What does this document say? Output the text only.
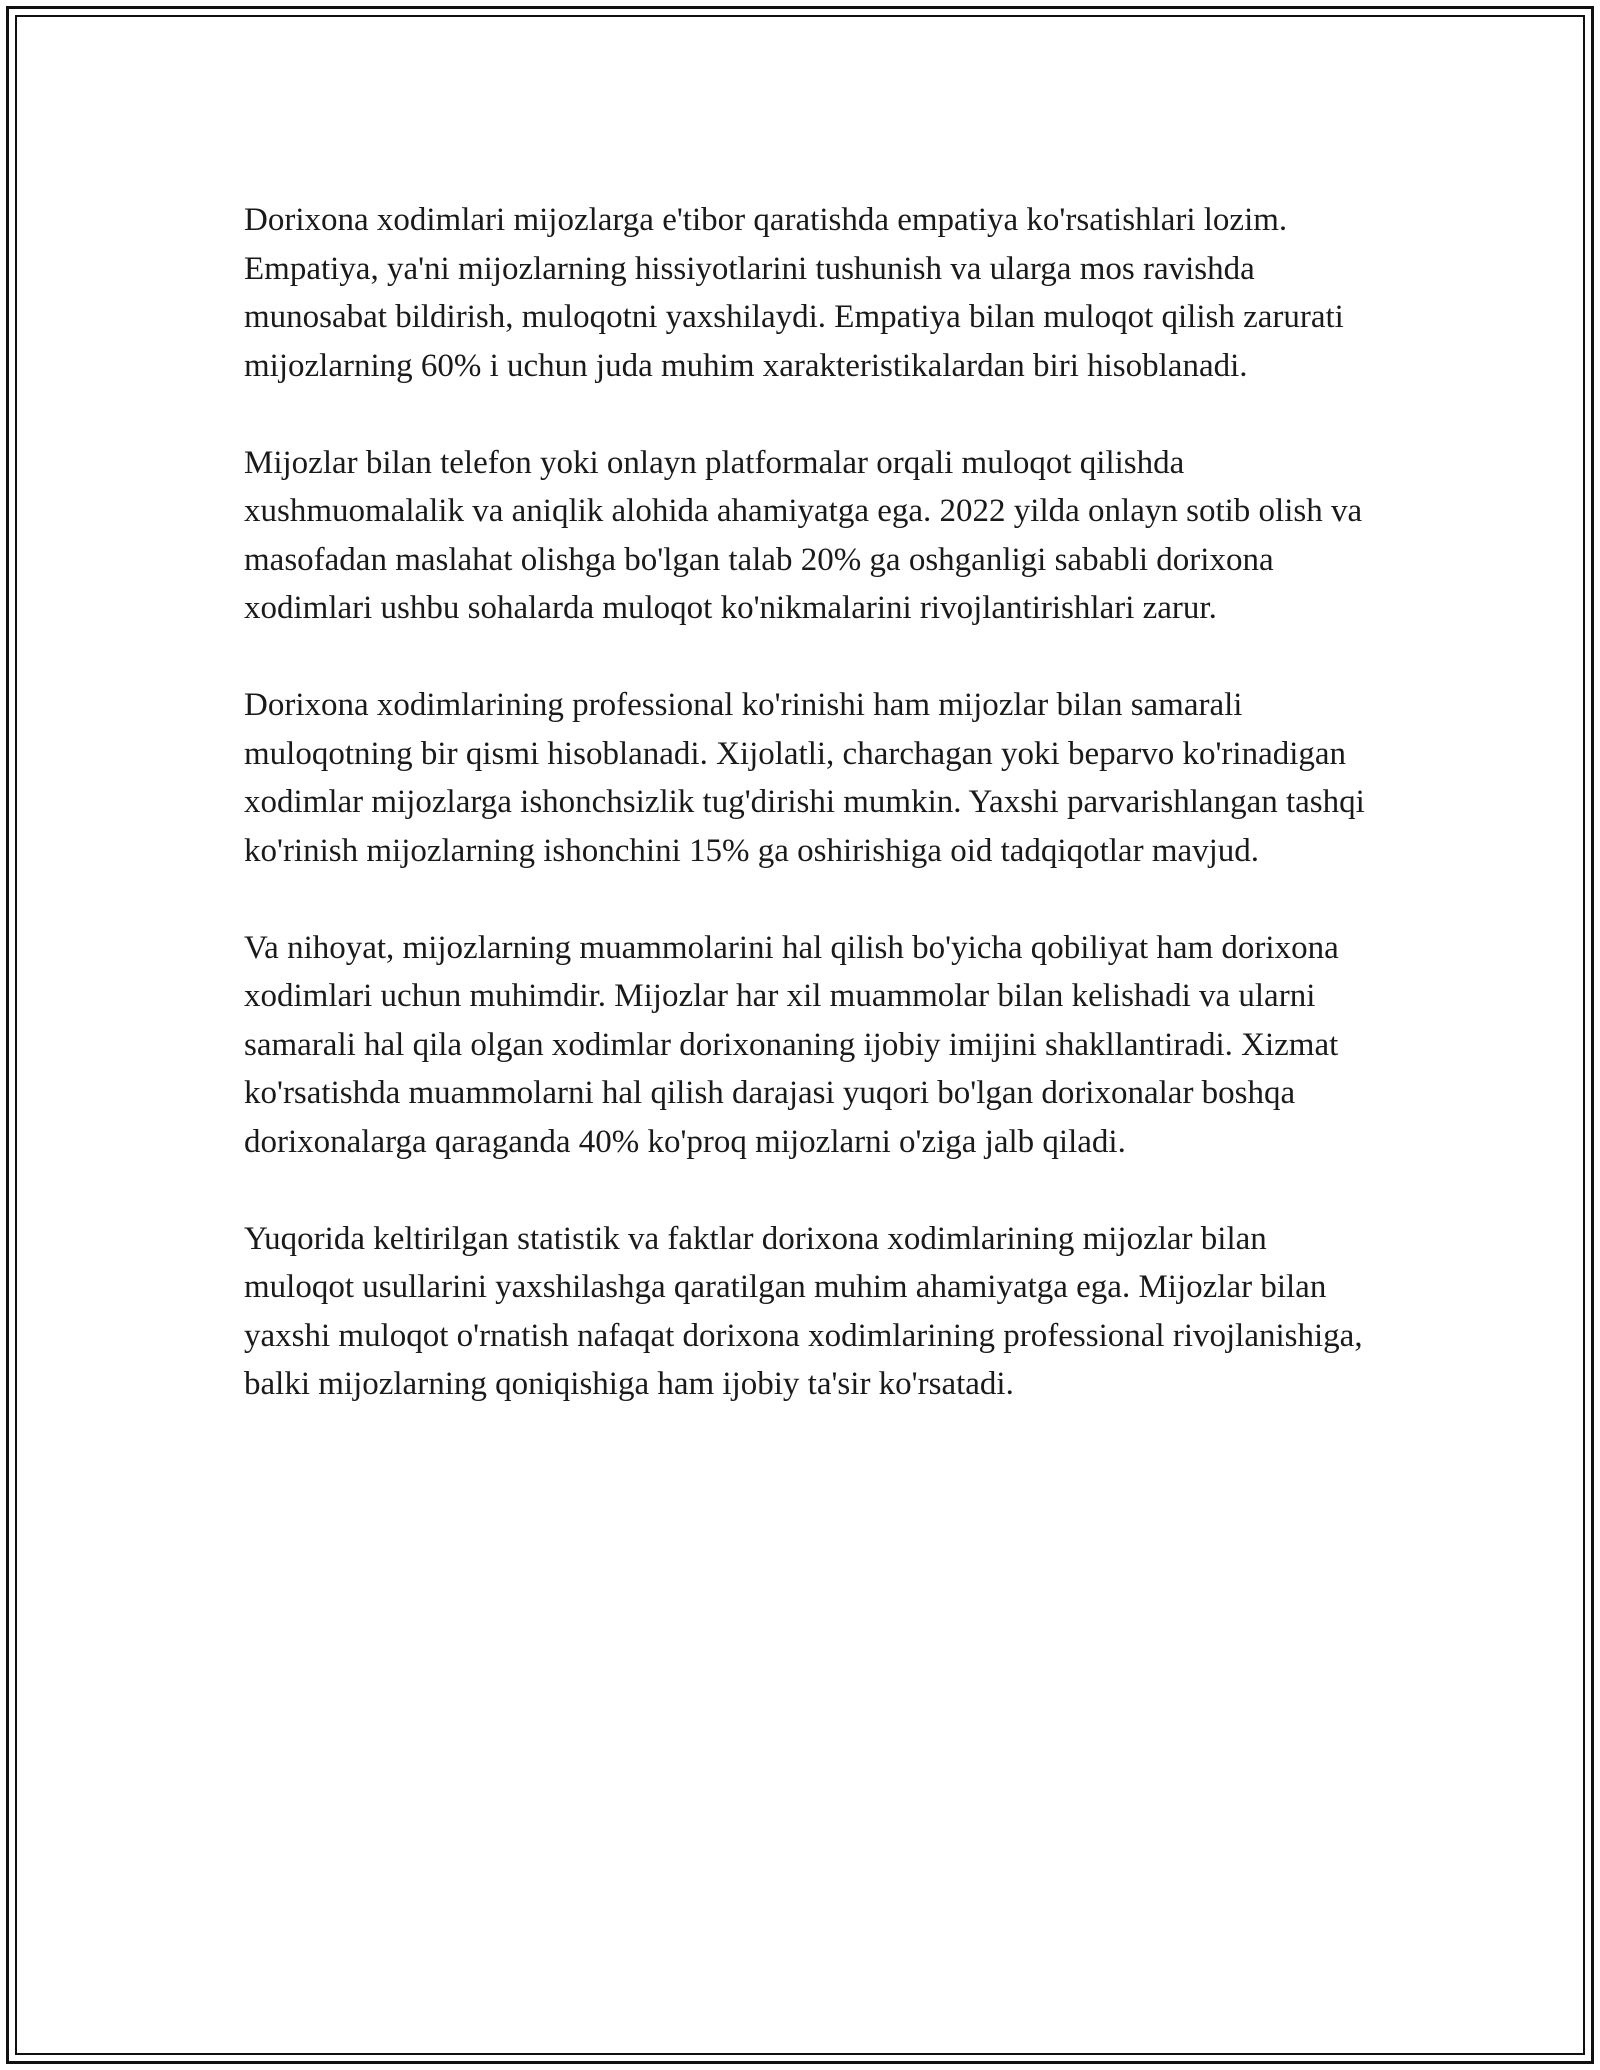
Dorixona xodimlari mijozlarga e'tibor qaratishda empatiya ko'rsatishlari lozim. Empatiya, ya'ni mijozlarning hissiyotlarini tushunish va ularga mos ravishda munosabat bildirish, muloqotni yaxshilaydi. Empatiya bilan muloqot qilish zarurati mijozlarning 60% i uchun juda muhim xarakteristikalardan biri hisoblanadi.

Mijozlar bilan telefon yoki onlayn platformalar orqali muloqot qilishda xushmuomalalik va aniqlik alohida ahamiyatga ega. 2022 yilda onlayn sotib olish va masofadan maslahat olishga bo'lgan talab 20% ga oshganligi sababli dorixona xodimlari ushbu sohalarda muloqot ko'nikmalarini rivojlantirishlari zarur.

Dorixona xodimlarining professional ko'rinishi ham mijozlar bilan samarali muloqotning bir qismi hisoblanadi. Xijolatli, charchagan yoki beparvo ko'rinadigan xodimlar mijozlarga ishonchsizlik tug'dirishi mumkin. Yaxshi parvarishlangan tashqi ko'rinish mijozlarning ishonchini 15% ga oshirishiga oid tadqiqotlar mavjud.

Va nihoyat, mijozlarning muammolarini hal qilish bo'yicha qobiliyat ham dorixona xodimlari uchun muhimdir. Mijozlar har xil muammolar bilan kelishadi va ularni samarali hal qila olgan xodimlar dorixonaning ijobiy imijini shakllantiradi. Xizmat ko'rsatishda muammolarni hal qilish darajasi yuqori bo'lgan dorixonalar boshqa dorixonalarga qaraganda 40% ko'proq mijozlarni o'ziga jalb qiladi.

Yuqorida keltirilgan statistik va faktlar dorixona xodimlarining mijozlar bilan muloqot usullarini yaxshilashga qaratilgan muhim ahamiyatga ega. Mijozlar bilan yaxshi muloqot o'rnatish nafaqat dorixona xodimlarining professional rivojlanishiga, balki mijozlarning qoniqishiga ham ijobiy ta'sir ko'rsatadi.
